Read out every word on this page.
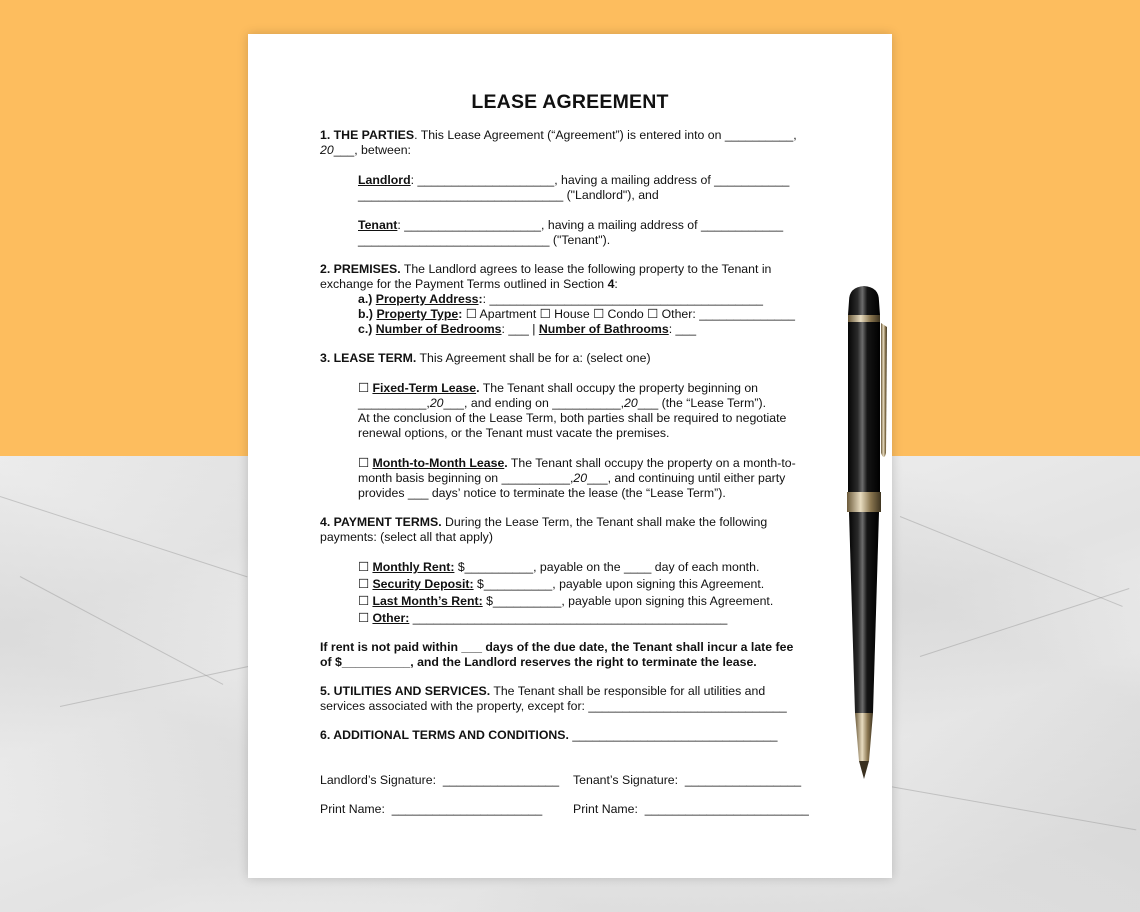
LEASE AGREEMENT

1. THE PARTIES. This Lease Agreement (“Agreement”) is entered into on __________,

20___, between:

Landlord: ____________________, having a mailing address of ___________

______________________________ ("Landlord"), and

Tenant: ____________________, having a mailing address of ____________

____________________________ ("Tenant").

2. PREMISES. The Landlord agrees to lease the following property to the Tenant in

exchange for the Payment Terms outlined in Section 4:

a.) Property Address:: ________________________________________

b.) Property Type: ☐ Apartment ☐ House ☐ Condo ☐ Other: ______________

c.) Number of Bedrooms: ___ | Number of Bathrooms: ___

3. LEASE TERM. This Agreement shall be for a: (select one)

☐ Fixed-Term Lease. The Tenant shall occupy the property beginning on

__________,20___, and ending on __________,20___ (the “Lease Term”).

At the conclusion of the Lease Term, both parties shall be required to negotiate

renewal options, or the Tenant must vacate the premises.

☐ Month-to-Month Lease. The Tenant shall occupy the property on a month-to-

month basis beginning on __________,20___, and continuing until either party

provides ___ days’ notice to terminate the lease (the “Lease Term”).

4. PAYMENT TERMS. During the Lease Term, the Tenant shall make the following

payments: (select all that apply)

☐ Monthly Rent: $__________, payable on the ____ day of each month.

☐ Security Deposit: $__________, payable upon signing this Agreement.

☐ Last Month’s Rent: $__________, payable upon signing this Agreement.

☐ Other: ______________________________________________

If rent is not paid within ___ days of the due date, the Tenant shall incur a late fee

of $__________, and the Landlord reserves the right to terminate the lease.

5. UTILITIES AND SERVICES. The Tenant shall be responsible for all utilities and

services associated with the property, except for: _____________________________

6. ADDITIONAL TERMS AND CONDITIONS. ______________________________

Landlord’s Signature:  _________________	Tenant’s Signature:  _________________
Print Name:  ______________________	Print Name:  ________________________
